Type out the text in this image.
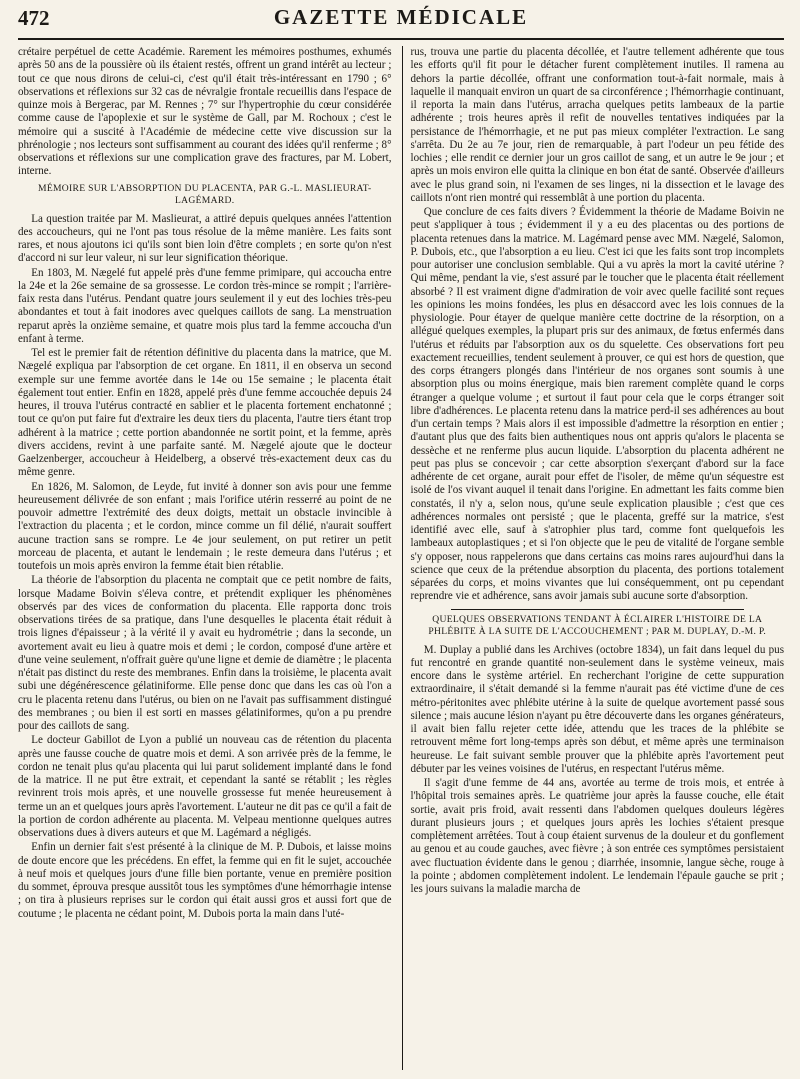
472	GAZETTE MÉDICALE

crétaire perpétuel de cette Académie. Rarement les mémoires posthumes, exhumés après 50 ans de la poussière où ils étaient restés, offrent un grand intérêt au lecteur ; tout ce que nous dirons de celui-ci, c'est qu'il était très-intéressant en 1790 ; 6° observations et réflexions sur 32 cas de névralgie frontale recueillis dans l'espace de quinze mois à Bergerac, par M. Rennes ; 7° sur l'hypertrophie du cœur considérée comme cause de l'apoplexie et sur le système de Gall, par M. Rochoux ; c'est le mémoire qui a suscité à l'Académie de médecine cette vive discussion sur la phrénologie ; nos lecteurs sont suffisamment au courant des idées qu'il renferme ; 8° observations et réflexions sur une complication grave des fractures, par M. Lobert, interne.

MÉMOIRE SUR L'ABSORPTION DU PLACENTA, PAR G.-L. MASLIEURAT-LAGÉMARD.

La question traitée par M. Maslieurat, a attiré depuis quelques années l'attention des accoucheurs, qui ne l'ont pas tous résolue de la même manière. Les faits sont rares, et nous ajoutons ici qu'ils sont bien loin d'être complets ; en sorte qu'on n'est d'accord ni sur leur valeur, ni sur leur signification théorique.

En 1803, M. Nægelé fut appelé près d'une femme primipare, qui accoucha entre la 24e et la 26e semaine de sa grossesse. Le cordon très-mince se rompit ; l'arrière-faix resta dans l'utérus. Pendant quatre jours seulement il y eut des lochies très-peu abondantes et tout à fait inodores avec quelques caillots de sang. La menstruation reparut après la onzième semaine, et quatre mois plus tard la femme accoucha d'un enfant à terme.

Tel est le premier fait de rétention définitive du placenta dans la matrice, que M. Nægelé expliqua par l'absorption de cet organe. En 1811, il en observa un second exemple sur une femme avortée dans le 14e ou 15e semaine ; le placenta était également tout entier. Enfin en 1828, appelé près d'une femme accouchée depuis 24 heures, il trouva l'utérus contracté en sablier et le placenta fortement enchatonné ; tout ce qu'on put faire fut d'extraire les deux tiers du placenta, l'autre tiers étant trop adhérent à la matrice ; cette portion abandonnée ne sortit point, et la femme, après divers accidens, revint à une parfaite santé. M. Nægelé ajoute que le docteur Gaelzenberger, accoucheur à Heidelberg, a observé très-exactement deux cas du même genre.

En 1826, M. Salomon, de Leyde, fut invité à donner son avis pour une femme heureusement délivrée de son enfant ; mais l'orifice utérin resserré au point de ne pouvoir admettre l'extrémité des deux doigts, mettait un obstacle invincible à l'extraction du placenta ; et le cordon, mince comme un fil délié, n'aurait souffert aucune traction sans se rompre. Le 4e jour seulement, on put retirer un petit morceau de placenta, et autant le lendemain ; le reste demeura dans l'utérus ; et toutefois un mois après environ la femme était bien rétablie.

La théorie de l'absorption du placenta ne comptait que ce petit nombre de faits, lorsque Madame Boivin s'éleva contre, et prétendit expliquer les phénomènes observés par des vices de conformation du placenta. Elle rapporta donc trois observations tirées de sa pratique, dans l'une desquelles le placenta était réduit à trois lignes d'épaisseur ; à la vérité il y avait eu hydrométrie ; dans la seconde, un avortement avait eu lieu à quatre mois et demi ; le cordon, composé d'une artère et d'une veine seulement, n'offrait guère qu'une ligne et demie de diamètre ; le placenta n'était pas distinct du reste des membranes. Enfin dans la troisième, le placenta avait subi une dégénérescence gélatiniforme. Elle pense donc que dans les cas où l'on a cru le placenta retenu dans l'utérus, ou bien on ne l'avait pas suffisamment distingué des membranes ; ou bien il est sorti en masses gélatiniformes, qu'on a pu prendre pour des caillots de sang.

Le docteur Gabillot de Lyon a publié un nouveau cas de rétention du placenta après une fausse couche de quatre mois et demi. A son arrivée près de la femme, le cordon ne tenait plus qu'au placenta qui lui parut solidement implanté dans le fond de la matrice. Il ne put être extrait, et cependant la santé se rétablit ; les règles revinrent trois mois après, et une nouvelle grossesse fut menée heureusement à terme un an et quelques jours après l'avortement. L'auteur ne dit pas ce qu'il a fait de la portion de cordon adhérente au placenta. M. Velpeau mentionne quelques autres observations dues à divers auteurs et que M. Lagémard a négligés.

Enfin un dernier fait s'est présenté à la clinique de M. P. Dubois, et laisse moins de doute encore que les précédens. En effet, la femme qui en fit le sujet, accouchée à neuf mois et quelques jours d'une fille bien portante, venue en première position du sommet, éprouva presque aussitôt tous les symptômes d'une hémorrhagie intense ; on tira à plusieurs reprises sur le cordon qui était aussi gros et aussi fort que de coutume ; le placenta ne cédant point, M. Dubois porta la main dans l'uté-

rus, trouva une partie du placenta décollée, et l'autre tellement adhérente que tous les efforts qu'il fit pour le détacher furent complètement inutiles. Il ramena au dehors la partie décollée, offrant une conformation tout-à-fait normale, mais à laquelle il manquait environ un quart de sa circonférence ; l'hémorrhagie continuant, il reporta la main dans l'utérus, arracha quelques petits lambeaux de la partie adhérente ; trois heures après il refit de nouvelles tentatives indiquées par la persistance de l'hémorrhagie, et ne put pas mieux compléter l'extraction. Le sang s'arrêta. Du 2e au 7e jour, rien de remarquable, à part l'odeur un peu fétide des lochies ; elle rendit ce dernier jour un gros caillot de sang, et un autre le 9e jour ; et après un mois environ elle quitta la clinique en bon état de santé. Observée d'ailleurs avec le plus grand soin, ni l'examen de ses linges, ni la dissection et le lavage des caillots n'ont rien montré qui ressemblât à une portion du placenta.

Que conclure de ces faits divers ? Évidemment la théorie de Madame Boivin ne peut s'appliquer à tous ; évidemment il y a eu des placentas ou des portions de placenta retenues dans la matrice. M. Lagémard pense avec MM. Nægelé, Salomon, P. Dubois, etc., que l'absorption a eu lieu. C'est ici que les faits sont trop incomplets pour autoriser une conclusion semblable. Qui a vu après la mort la cavité utérine ? Qui même, pendant la vie, s'est assuré par le toucher que le placenta était réellement absorbé ? Il est vraiment digne d'admiration de voir avec quelle facilité sont reçues les opinions les moins fondées, les plus en désaccord avec les lois connues de la physiologie. Pour étayer de quelque manière cette doctrine de la résorption, on a allégué quelques exemples, la plupart pris sur des animaux, de fœtus enfermés dans l'utérus et réduits par l'absorption aux os du squelette. Ces observations fort peu exactement recueillies, tendent seulement à prouver, ce qui est hors de question, que des corps étrangers plongés dans l'intérieur de nos organes sont soumis à une absorption plus ou moins énergique, mais bien rarement complète quand le corps étranger a quelque volume ; et surtout il faut pour cela que le corps étranger soit libre d'adhérences. Le placenta retenu dans la matrice perd-il ses adhérences au bout d'un certain temps ? Mais alors il est impossible d'admettre la résorption en entier ; d'autant plus que des faits bien authentiques nous ont appris qu'alors le placenta se dessèche et ne renferme plus aucun liquide. L'absorption du placenta adhérent ne peut pas plus se concevoir ; car cette absorption s'exerçant d'abord sur la face adhérente de cet organe, aurait pour effet de l'isoler, de même qu'un séquestre est isolé de l'os vivant auquel il tenait dans l'origine. En admettant les faits comme bien constatés, il n'y a, selon nous, qu'une seule explication plausible ; c'est que ces adhérences normales ont persisté ; que le placenta, greffé sur la matrice, s'est identifié avec elle, sauf à s'atrophier plus tard, comme font quelquefois les lambeaux autoplastiques ; et si l'on objecte que le peu de vitalité de l'organe semble s'y opposer, nous rappelerons que dans certains cas moins rares aujourd'hui dans la science que ceux de la prétendue absorption du placenta, des portions totalement séparées du corps, et moins vivantes que lui conséquemment, ont pu cependant reprendre vie et adhérence, sans avoir jamais subi aucune sorte d'absorption.

QUELQUES OBSERVATIONS TENDANT À ÉCLAIRER L'HISTOIRE DE LA PHLÉBITE À LA SUITE DE L'ACCOUCHEMENT ; PAR M. DUPLAY, D.-M. P.

M. Duplay a publié dans les Archives (octobre 1834), un fait dans lequel du pus fut rencontré en grande quantité non-seulement dans le système veineux, mais encore dans le système artériel. En recherchant l'origine de cette suppuration extraordinaire, il s'était demandé si la femme n'aurait pas été victime d'une de ces métro-péritonites avec phlébite utérine à la suite de quelque avortement passé sous silence ; mais aucune lésion n'ayant pu être découverte dans les organes générateurs, il avait bien fallu rejeter cette idée, attendu que les traces de la phlébite se retrouvent même fort long-temps après son début, et même après une terminaison heureuse. Le fait suivant semble prouver que la phlébite après l'avortement peut débuter par les veines voisines de l'utérus, en respectant l'utérus même.

Il s'agit d'une femme de 44 ans, avortée au terme de trois mois, et entrée à l'hôpital trois semaines après. Le quatrième jour après la fausse couche, elle était sortie, avait pris froid, avait ressenti dans l'abdomen quelques douleurs légères durant plusieurs jours ; et quelques jours après les lochies s'étaient presque complètement arrêtées. Tout à coup étaient survenus de la douleur et du gonflement au genou et au coude gauches, avec fièvre ; à son entrée ces symptômes persistaient avec fluctuation évidente dans le genou ; diarrhée, insomnie, langue sèche, rouge à la pointe ; abdomen complètement indolent. Le lendemain l'épaule gauche se prit ; les jours suivans la maladie marcha de
